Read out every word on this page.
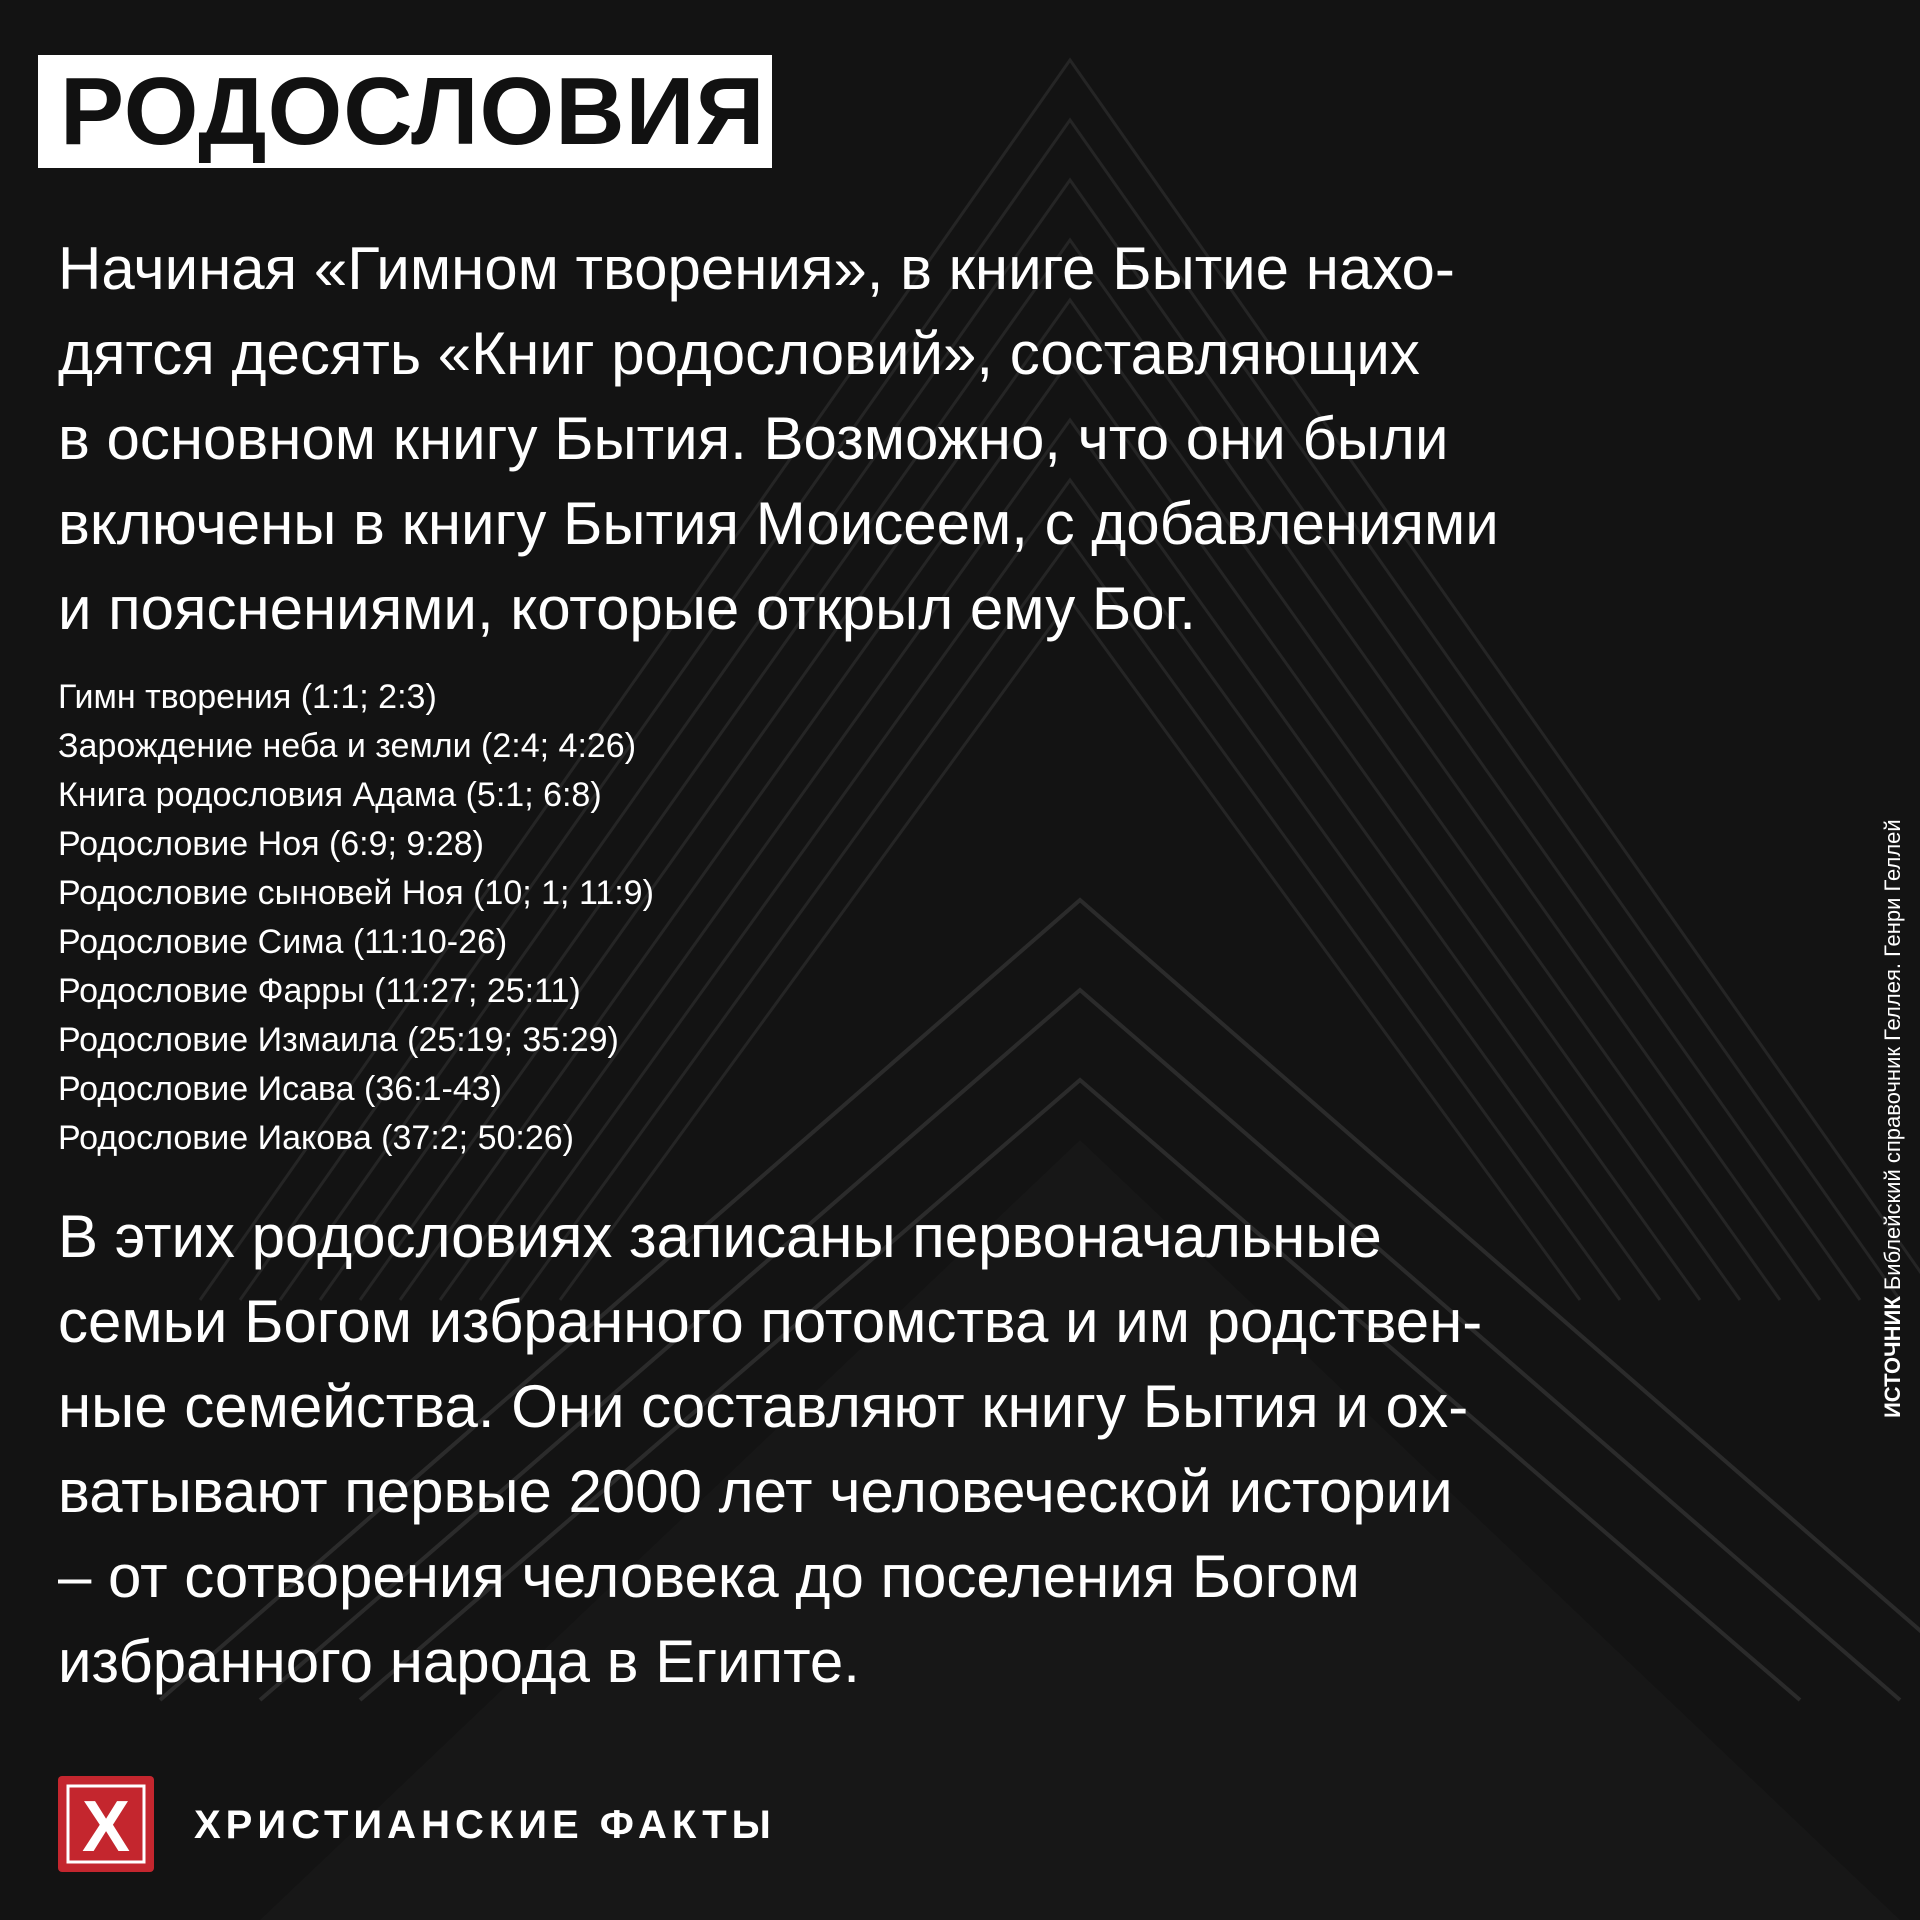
РОДОСЛОВИЯ

Начиная «Гимном творения», в книге Бытие нахо-
дятся десять «Книг родословий», составляющих
в основном книгу Бытия. Возможно, что они были
включены в книгу Бытия Моисеем, с добавлениями
и пояснениями, которые открыл ему Бог.

Гимн творения (1:1; 2:3)
Зарождение неба и земли (2:4; 4:26)
Книга родословия Адама (5:1; 6:8)
Родословие Ноя (6:9; 9:28)
Родословие сыновей Ноя (10; 1; 11:9)
Родословие Сима (11:10-26)
Родословие Фарры (11:27; 25:11)
Родословие Измаила (25:19; 35:29)
Родословие Исава (36:1-43)
Родословие Иакова (37:2; 50:26)

В этих родословиях записаны первоначальные
семьи Богом избранного потомства и им родствен-
ные семейства. Они составляют книгу Бытия и ох-
ватывают первые 2000 лет человеческой истории
– от сотворения человека до поселения Богом
избранного народа в Египте.

ИСТОЧНИК Библейский справочник Геллея. Генри Геллей
Х ХРИСТИАНСКИЕ ФАКТЫ
